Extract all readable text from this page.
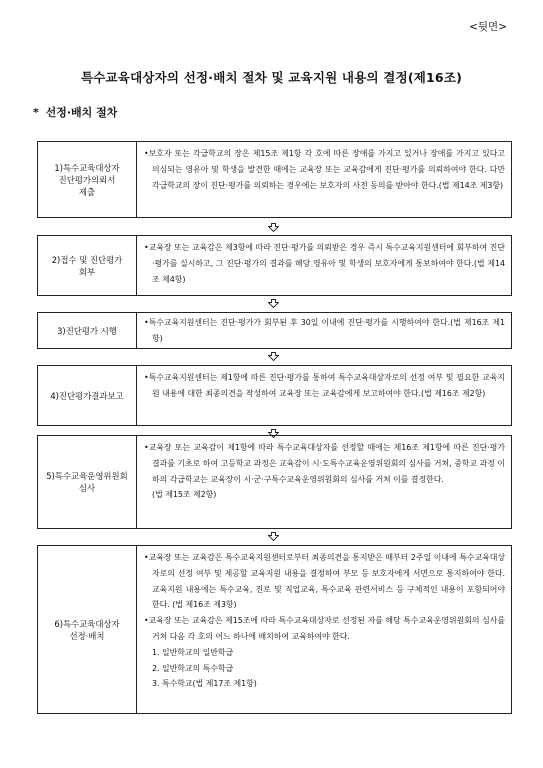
<뒷면>
특수교육대상자의 선정·배치 절차 및 교육지원 내용의 결정(제16조)
* 선정·배치 절차
1)특수교육대상자
진단평가의뢰서
제출

•보호자 또는 각급학교의 장은 제15조 제1항 각 호에 따른 장애를 가지고 있거나 장애를 가지고 있다고 의심되는 영유아 및 학생을 발견한 때에는 교육장 또는 교육감에게 진단·평가를 의뢰하여야 한다. 다만 각급학교의 장이 진단·평가를 의뢰하는 경우에는 보호자의 사전 동의를 받아야 한다.(법 제14조 제3항)

2)접수 및 진단평가
회부

•교육장 또는 교육감은 제3항에 따라 진단·평가를 의뢰받은 경우 즉시 특수교육지원센터에 회부하여 진단·평가를 실시하고, 그 진단·평가의 결과를 해당 영유아 및 학생의 보호자에게 통보하여야 한다.(법 제14조 제4항)

3)진단평가 시행

•특수교육지원센터는 진단·평가가 회부된 후 30일 이내에 진단·평가를 시행하여야 한다.(법 제16조 제1항)

4)진단평가결과보고

•특수교육지원센터는 제1항에 따른 진단·평가를 통하여 특수교육대상자로의 선정 여부 및 필요한 교육지원 내용에 대한 최종의견을 작성하여 교육장 또는 교육감에게 보고하여야 한다.(법 제16조 제2항)

5)특수교육운영위원회
심사

•교육장 또는 교육감이 제1항에 따라 특수교육대상자를 선정할 때에는 제16조 제1항에 따른 진단·평가 결과를 기초로 하여 고등학교 과정은 교육감이 시·도특수교육운영위원회의 심사를 거쳐, 중학교 과정 이하의 각급학교는 교육장이 시·군·구특수교육운영위원회의 심사를 거쳐 이를 결정한다.

(법 제15조 제2항)

6)특수교육대상자
선정·배치

•교육장 또는 교육감은 특수교육지원센터로부터 최종의견을 통지받은 때부터 2주일 이내에 특수교육대상자로의 선정 여부 및 제공할 교육지원 내용을 결정하여 부모 등 보호자에게 서면으로 통지하여야 한다. 교육지원 내용에는 특수교육, 진로 및 직업교육, 특수교육 관련서비스 등 구체적인 내용이 포함되어야 한다. (법 제16조 제3항)

•교육장 또는 교육감은 제15조에 따라 특수교육대상자로 선정된 자를 해당 특수교육운영위원회의 심사를 거쳐 다음 각 호의 어느 하나에 배치하여 교육하여야 한다.

1. 일반학교의 일반학급

2. 일반학교의 특수학급

3. 특수학교(법 제17조 제1항)
